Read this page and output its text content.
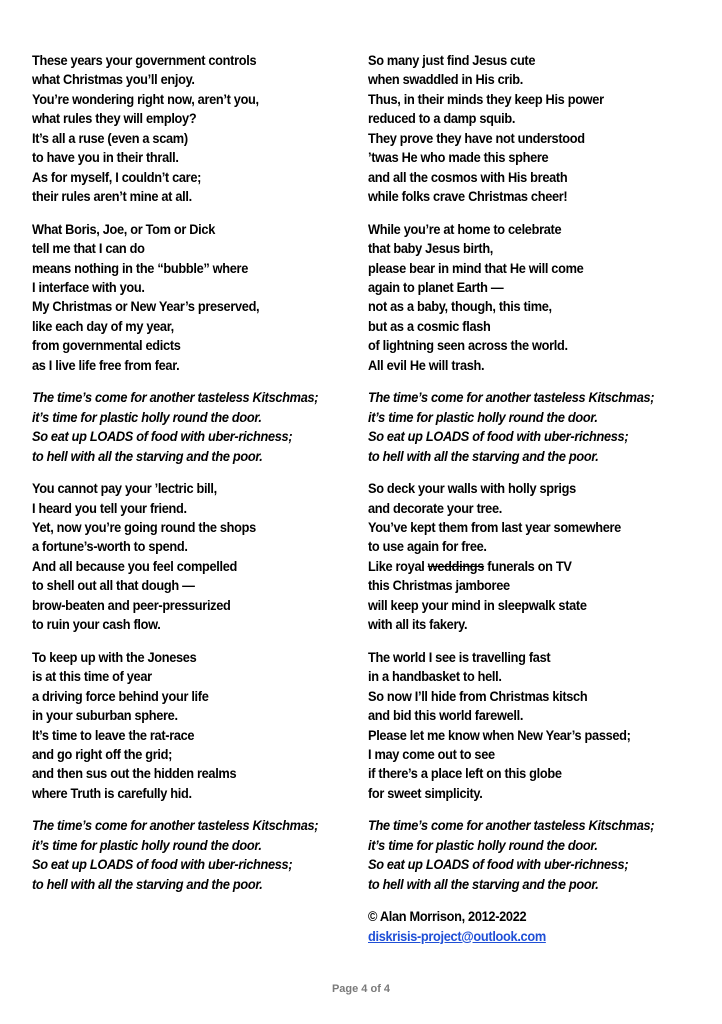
These years your government controls
what Christmas you’ll enjoy.
You’re wondering right now, aren’t you,
what rules they will employ?
It’s all a ruse (even a scam)
to have you in their thrall.
As for myself, I couldn’t care;
their rules aren’t mine at all.
What Boris, Joe, or Tom or Dick
tell me that I can do
means nothing in the “bubble” where
I interface with you.
My Christmas or New Year’s preserved,
like each day of my year,
from governmental edicts
as I live life free from fear.
The time’s come for another tasteless Kitschmas;
it’s time for plastic holly round the door.
So eat up LOADS of food with uber-richness;
to hell with all the starving and the poor.
You cannot pay your ’lectric bill,
I heard you tell your friend.
Yet, now you’re going round the shops
a fortune’s-worth to spend.
And all because you feel compelled
to shell out all that dough —
brow-beaten and peer-pressurized
to ruin your cash flow.
To keep up with the Joneses
is at this time of year
a driving force behind your life
in your suburban sphere.
It’s time to leave the rat-race
and go right off the grid;
and then sus out the hidden realms
where Truth is carefully hid.
The time’s come for another tasteless Kitschmas;
it’s time for plastic holly round the door.
So eat up LOADS of food with uber-richness;
to hell with all the starving and the poor.
So many just find Jesus cute
when swaddled in His crib.
Thus, in their minds they keep His power
reduced to a damp squib.
They prove they have not understood
’twas He who made this sphere
and all the cosmos with His breath
while folks crave Christmas cheer!
While you’re at home to celebrate
that baby Jesus birth,
please bear in mind that He will come
again to planet Earth —
not as a baby, though, this time,
but as a cosmic flash
of lightning seen across the world.
All evil He will trash.
The time’s come for another tasteless Kitschmas;
it’s time for plastic holly round the door.
So eat up LOADS of food with uber-richness;
to hell with all the starving and the poor.
So deck your walls with holly sprigs
and decorate your tree.
You’ve kept them from last year somewhere
to use again for free.
Like royal weddings funerals on TV
this Christmas jamboree
will keep your mind in sleepwalk state
with all its fakery.
The world I see is travelling fast
in a handbasket to hell.
So now I’ll hide from Christmas kitsch
and bid this world farewell.
Please let me know when New Year’s passed;
I may come out to see
if there’s a place left on this globe
for sweet simplicity.
The time’s come for another tasteless Kitschmas;
it’s time for plastic holly round the door.
So eat up LOADS of food with uber-richness;
to hell with all the starving and the poor.
© Alan Morrison, 2012-2022
diskrisis-project@outlook.com
Page 4 of 4
